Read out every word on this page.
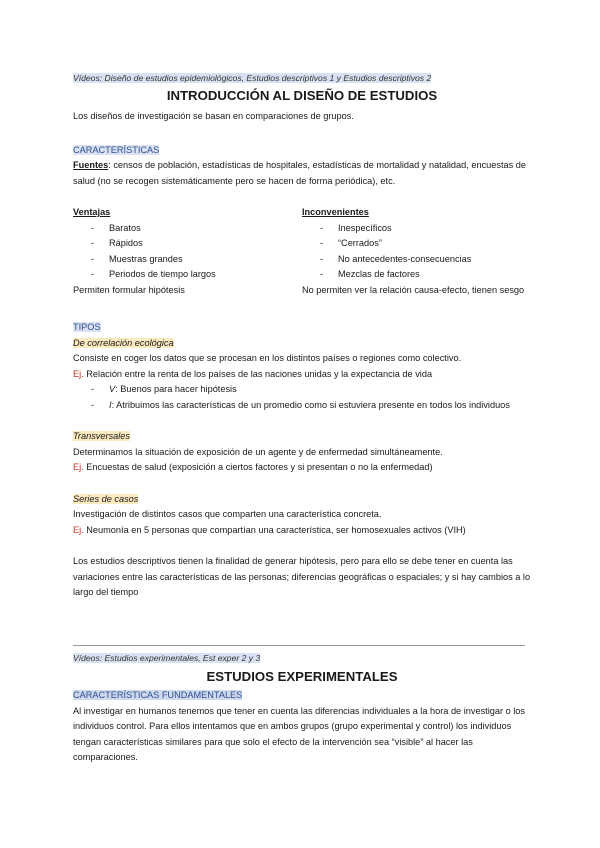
Vídeos: Diseño de estudios epidemiológicos, Estudios descriptivos 1 y Estudios descriptivos 2
INTRODUCCIÓN AL DISEÑO DE ESTUDIOS

Los diseños de investigación se basan en comparaciones de grupos.

CARACTERÍSTICAS

Fuentes: censos de población, estadísticas de hospitales, estadísticas de mortalidad y natalidad, encuestas de salud (no se recogen sistemáticamente pero se hacen de forma periódica), etc.

Ventajas
- Baratos
- Rápidos
- Muestras grandes
- Periodos de tiempo largos
Permiten formular hipótesis
Inconvenientes
- Inespecíficos
- “Cerrados”
- No antecedentes-consecuencias
- Mezclas de factores
No permiten ver la relación causa-efecto, tienen sesgo
TIPOS
De correlación ecológica

Consiste en coger los datos que se procesan en los distintos países o regiones como colectivo.

Ej. Relación entre la renta de los países de las naciones unidas y la expectancia de vida

- V: Buenos para hacer hipótesis
- I: Atribuimos las características de un promedio como si estuviera presente en todos los individuos
Transversales

Determinamos la situación de exposición de un agente y de enfermedad simultáneamente.

Ej. Encuestas de salud (exposición a ciertos factores y si presentan o no la enfermedad)

Series de casos

Investigación de distintos casos que comparten una característica concreta.

Ej. Neumonía en 5 personas que compartían una característica, ser homosexuales activos (VIH)

Los estudios descriptivos tienen la finalidad de generar hipótesis, pero para ello se debe tener en cuenta las variaciones entre las características de las personas; diferencias geográficas o espaciales; y si hay cambios a lo largo del tiempo

Vídeos: Estudios experimentales, Est exper 2 y 3
ESTUDIOS EXPERIMENTALES
CARACTERÍSTICAS FUNDAMENTALES

Al investigar en humanos tenemos que tener en cuenta las diferencias individuales a la hora de investigar o los individuos control. Para ellos intentamos que en ambos grupos (grupo experimental y control) los individuos tengan características similares para que solo el efecto de la intervención sea “visible” al hacer las comparaciones.
